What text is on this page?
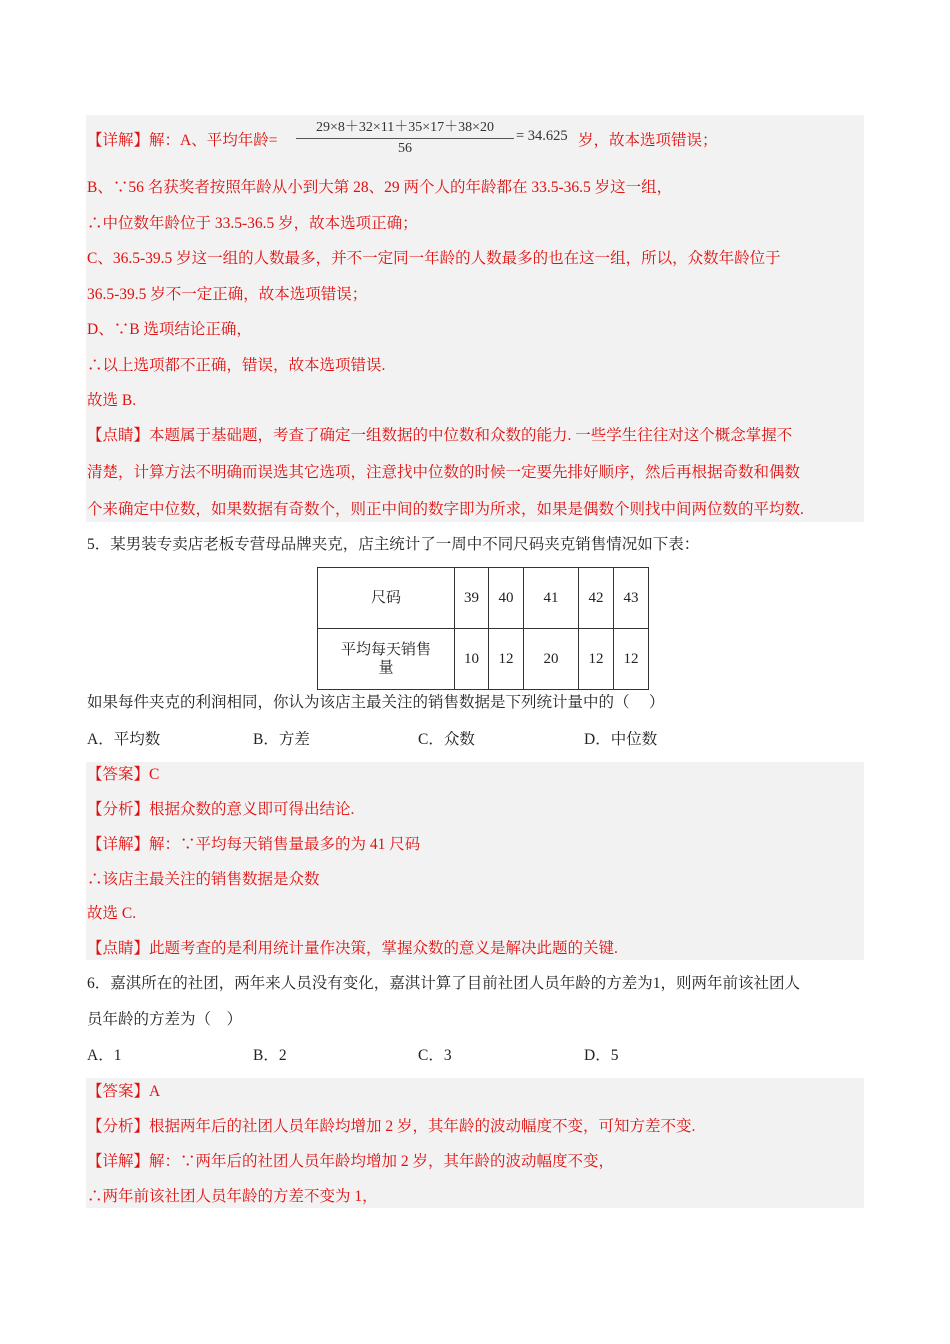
【详解】解：A、平均年龄= $\frac{29\times 8+32\times 11+35\times 17+38\times 20}{56} = 34.625$ 岁，故本选项错误；
B、∵56 名获奖者按照年龄从小到大第 28、29 两个人的年龄都在 33.5-36.5 岁这一组，
∴中位数年龄位于 33.5-36.5 岁，故本选项正确；
C、36.5-39.5 岁这一组的人数最多，并不一定同一年龄的人数最多的也在这一组，所以，众数年龄位于
36.5-39.5 岁不一定正确，故本选项错误；
D、∵B 选项结论正确，
∴以上选项都不正确，错误，故本选项错误.
故选 B.
【点睛】本题属于基础题，考查了确定一组数据的中位数和众数的能力. 一些学生往往对这个概念掌握不
清楚，计算方法不明确而误选其它选项，注意找中位数的时候一定要先排好顺序，然后再根据奇数和偶数
个来确定中位数，如果数据有奇数个，则正中间的数字即为所求，如果是偶数个则找中间两位数的平均数.
5．某男装专卖店老板专营母品牌夹克，店主统计了一周中不同尺码夹克销售情况如下表：
尺码	39	40	41	42	43
平均每天销售量	10	12	20	12	12
如果每件夹克的利润相同，你认为该店主最关注的销售数据是下列统计量中的（　 ）
A．平均数	B．方差	C．众数	D．中位数
【答案】C
【分析】根据众数的意义即可得出结论.
【详解】解：∵平均每天销售量最多的为 41 尺码
∴该店主最关注的销售数据是众数
故选 C.
【点睛】此题考查的是利用统计量作决策，掌握众数的意义是解决此题的关键.
6．嘉淇所在的社团，两年来人员没有变化，嘉淇计算了目前社团人员年龄的方差为1，则两年前该社团人
员年龄的方差为（　）
A．1	B．2	C．3	D．5
【答案】A
【分析】根据两年后的社团人员年龄均增加 2 岁，其年龄的波动幅度不变，可知方差不变.
【详解】解：∵两年后的社团人员年龄均增加 2 岁，其年龄的波动幅度不变，
∴两年前该社团人员年龄的方差不变为 1，
